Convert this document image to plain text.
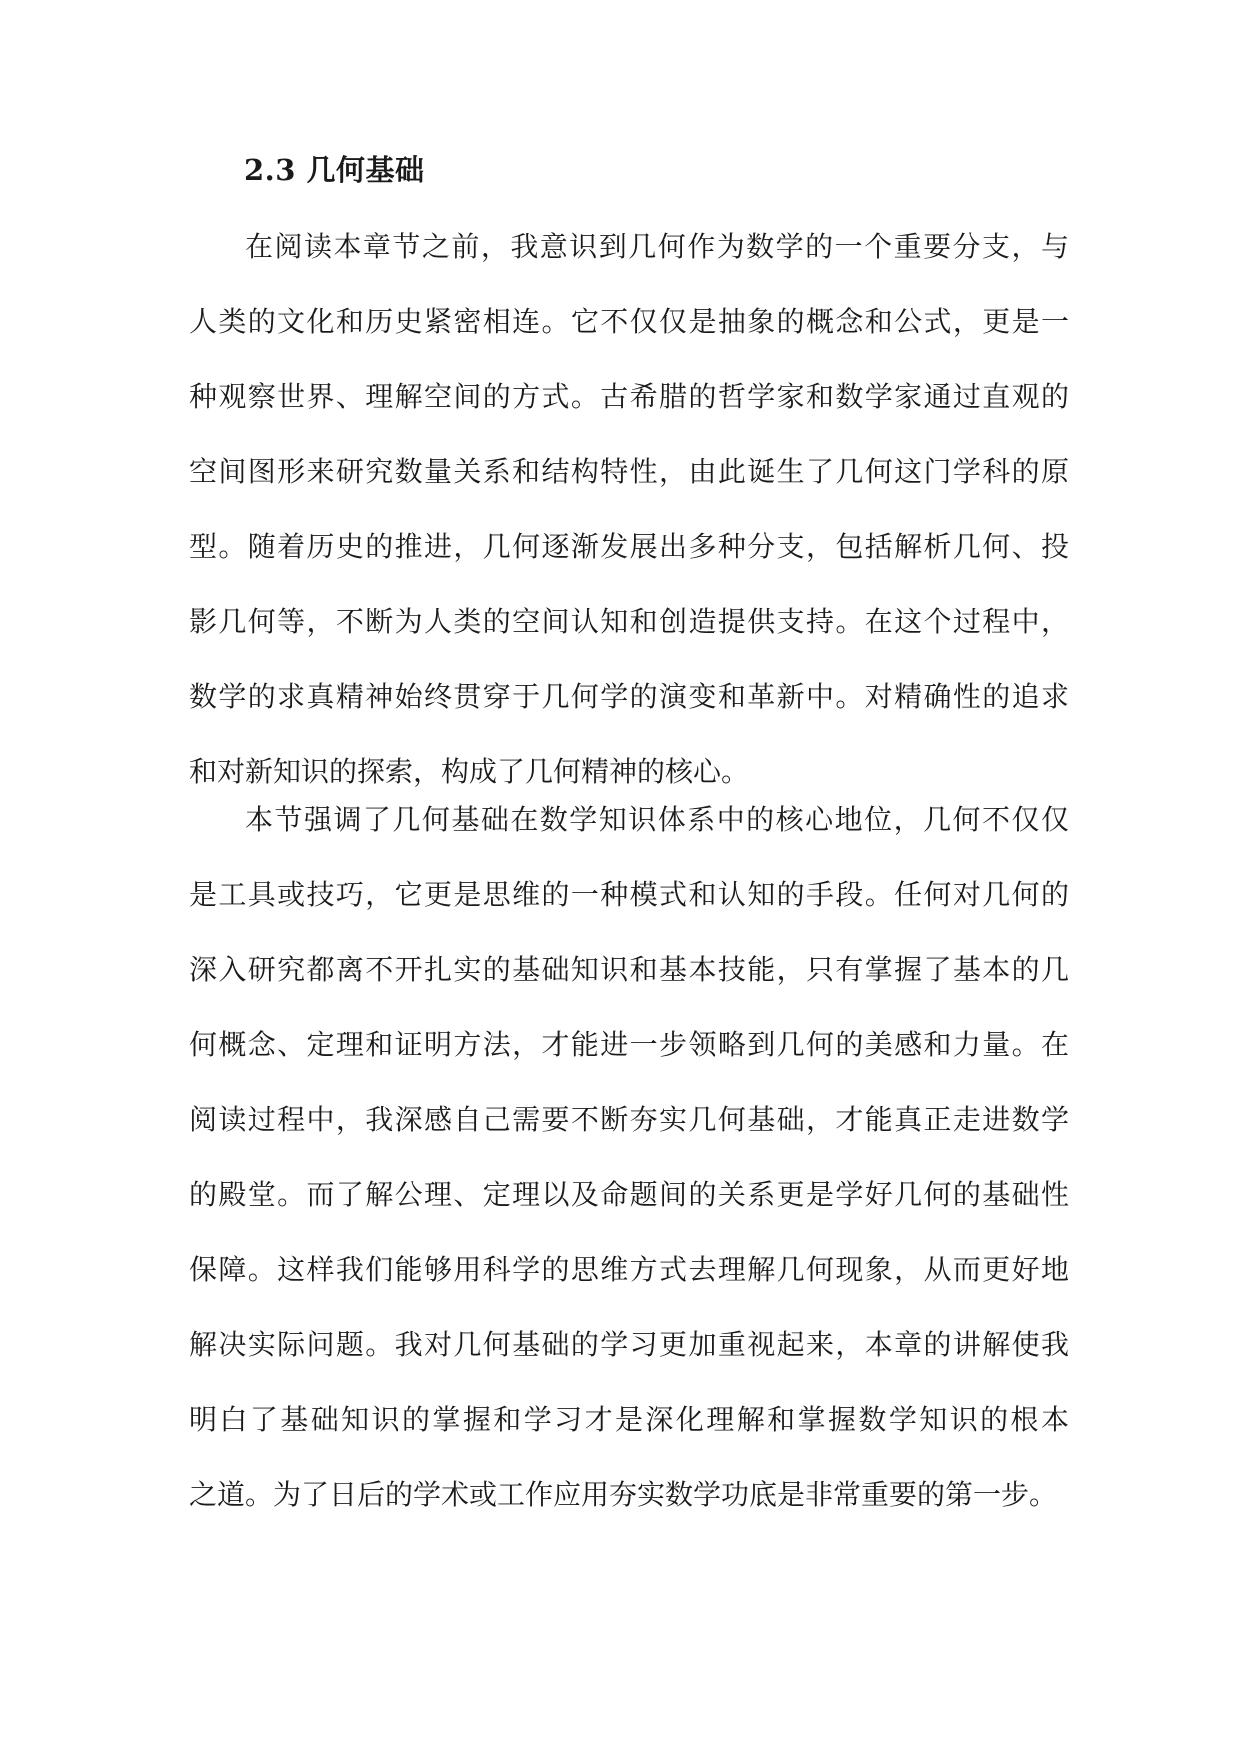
2.3 几何基础
在阅读本章节之前，我意识到几何作为数学的一个重要分支，与
人类的文化和历史紧密相连。它不仅仅是抽象的概念和公式，更是一
种观察世界、理解空间的方式。古希腊的哲学家和数学家通过直观的
空间图形来研究数量关系和结构特性，由此诞生了几何这门学科的原
型。随着历史的推进，几何逐渐发展出多种分支，包括解析几何、投
影几何等，不断为人类的空间认知和创造提供支持。在这个过程中，
数学的求真精神始终贯穿于几何学的演变和革新中。对精确性的追求
和对新知识的探索，构成了几何精神的核心。
本节强调了几何基础在数学知识体系中的核心地位，几何不仅仅
是工具或技巧，它更是思维的一种模式和认知的手段。任何对几何的
深入研究都离不开扎实的基础知识和基本技能，只有掌握了基本的几
何概念、定理和证明方法，才能进一步领略到几何的美感和力量。在
阅读过程中，我深感自己需要不断夯实几何基础，才能真正走进数学
的殿堂。而了解公理、定理以及命题间的关系更是学好几何的基础性
保障。这样我们能够用科学的思维方式去理解几何现象，从而更好地
解决实际问题。我对几何基础的学习更加重视起来，本章的讲解使我
明白了基础知识的掌握和学习才是深化理解和掌握数学知识的根本
之道。为了日后的学术或工作应用夯实数学功底是非常重要的第一步。
